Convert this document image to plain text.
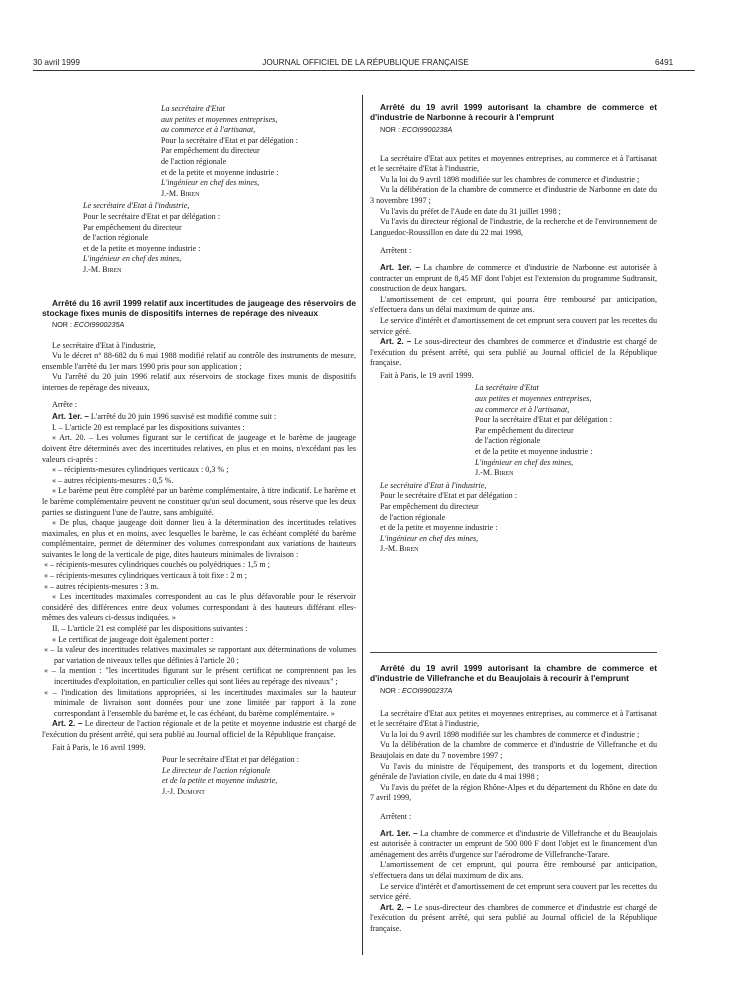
30 avril 1999	JOURNAL OFFICIEL DE LA RÉPUBLIQUE FRANÇAISE	6491

La secrétaire d'Etat

aux petites et moyennes entreprises,

au commerce et à l'artisanat,

Pour la secrétaire d'Etat et par délégation :

Par empêchement du directeur

de l'action régionale

et de la petite et moyenne industrie :

L'ingénieur en chef des mines,

J.-M. Biren

Le secrétaire d'Etat à l'industrie,

Pour le secrétaire d'Etat et par délégation :

Par empêchement du directeur

de l'action régionale

et de la petite et moyenne industrie :

L'ingénieur en chef des mines,

J.-M. Biren

Arrêté du 16 avril 1999 relatif aux incertitudes de jaugeage des réservoirs de stockage fixes munis de dispositifs internes de repérage des niveaux

NOR : ECOI9900235A

Le secrétaire d'Etat à l'industrie,

Vu le décret n° 88-682 du 6 mai 1988 modifié relatif au contrôle des instruments de mesure, ensemble l'arrêté du 1er mars 1990 pris pour son application ;

Vu l'arrêté du 20 juin 1996 relatif aux réservoirs de stockage fixes munis de dispositifs internes de repérage des niveaux,

Arrête :

Art. 1er. – L'arrêté du 20 juin 1996 susvisé est modifié comme suit :

I. – L'article 20 est remplacé par les dispositions suivantes :

« Art. 20. – Les volumes figurant sur le certificat de jaugeage et le barème de jaugeage doivent être déterminés avec des incertitudes relatives, en plus et en moins, n'excédant pas les valeurs ci-après :

« – récipients-mesures cylindriques verticaux : 0,3 % ;

« – autres récipients-mesures : 0,5 %.

« Le barème peut être complété par un barème complémentaire, à titre indicatif. Le barème et le barème complémentaire peuvent ne constituer qu'un seul document, sous réserve que les deux parties se distinguent l'une de l'autre, sans ambiguïté.

« De plus, chaque jaugeage doit donner lieu à la détermination des incertitudes relatives maximales, en plus et en moins, avec lesquelles le barème, le cas échéant complété du barème complémentaire, permet de déterminer des volumes correspondant aux variations de hauteurs suivantes le long de la verticale de pige, dites hauteurs minimales de livraison :

« – récipients-mesures cylindriques couchés ou polyédriques : 1,5 m ;

« – récipients-mesures cylindriques verticaux à toit fixe : 2 m ;

« – autres récipients-mesures : 3 m.

« Les incertitudes maximales correspondent au cas le plus défavorable pour le réservoir considéré des différences entre deux volumes correspondant à des hauteurs différant elles-mêmes des valeurs ci-dessus indiquées. »

II. – L'article 21 est complété par les dispositions suivantes :

« Le certificat de jaugeage doit également porter :

« – la valeur des incertitudes relatives maximales se rapportant aux déterminations de volumes par variation de niveaux telles que définies à l'article 20 ;

« – la mention : "les incertitudes figurant sur le présent certificat ne comprennent pas les incertitudes d'exploitation, en particulier celles qui sont liées au repérage des niveaux" ;

« – l'indication des limitations appropriées, si les incertitudes maximales sur la hauteur minimale de livraison sont données pour une zone limitée par rapport à la zone correspondant à l'ensemble du barème et, le cas échéant, du barème complémentaire. »

Art. 2. – Le directeur de l'action régionale et de la petite et moyenne industrie est chargé de l'exécution du présent arrêté, qui sera publié au Journal officiel de la République française.

Fait à Paris, le 16 avril 1999.

Pour le secrétaire d'Etat et par délégation :

Le directeur de l'action régionale

et de la petite et moyenne industrie,

J.-J. Dumont

Arrêté du 19 avril 1999 autorisant la chambre de commerce et d'industrie de Narbonne à recourir à l'emprunt

NOR : ECOI9900238A

La secrétaire d'Etat aux petites et moyennes entreprises, au commerce et à l'artisanat et le secrétaire d'Etat à l'industrie,

Vu la loi du 9 avril 1898 modifiée sur les chambres de commerce et d'industrie ;

Vu la délibération de la chambre de commerce et d'industrie de Narbonne en date du 3 novembre 1997 ;

Vu l'avis du préfet de l'Aude en date du 31 juillet 1998 ;

Vu l'avis du directeur régional de l'industrie, de la recherche et de l'environnement de Languedoc-Roussillon en date du 22 mai 1998,

Arrêtent :

Art. 1er. – La chambre de commerce et d'industrie de Narbonne est autorisée à contracter un emprunt de 8,45 MF dont l'objet est l'extension du programme Sudtransit, construction de deux hangars.

L'amortissement de cet emprunt, qui pourra être remboursé par anticipation, s'effectuera dans un délai maximum de quinze ans.

Le service d'intérêt et d'amortissement de cet emprunt sera couvert par les recettes du service géré.

Art. 2. – Le sous-directeur des chambres de commerce et d'industrie est chargé de l'exécution du présent arrêté, qui sera publié au Journal officiel de la République française.

Fait à Paris, le 19 avril 1999.

La secrétaire d'Etat

aux petites et moyennes entreprises,

au commerce et à l'artisanat,

Pour la secrétaire d'Etat et par délégation :

Par empêchement du directeur

de l'action régionale

et de la petite et moyenne industrie :

L'ingénieur en chef des mines,

J.-M. Biren

Le secrétaire d'Etat à l'industrie,

Pour le secrétaire d'Etat et par délégation :

Par empêchement du directeur

de l'action régionale

et de la petite et moyenne industrie :

L'ingénieur en chef des mines,

J.-M. Biren

Arrêté du 19 avril 1999 autorisant la chambre de commerce et d'industrie de Villefranche et du Beaujolais à recourir à l'emprunt

NOR : ECOI9900237A

La secrétaire d'Etat aux petites et moyennes entreprises, au commerce et à l'artisanat et le secrétaire d'Etat à l'industrie,

Vu la loi du 9 avril 1898 modifiée sur les chambres de commerce et d'industrie ;

Vu la délibération de la chambre de commerce et d'industrie de Villefranche et du Beaujolais en date du 7 novembre 1997 ;

Vu l'avis du ministre de l'équipement, des transports et du logement, direction générale de l'aviation civile, en date du 4 mai 1998 ;

Vu l'avis du préfet de la région Rhône-Alpes et du département du Rhône en date du 7 avril 1999,

Arrêtent :

Art. 1er. – La chambre de commerce et d'industrie de Villefranche et du Beaujolais est autorisée à contracter un emprunt de 500 000 F dont l'objet est le financement d'un aménagement des arrêts d'urgence sur l'aérodrome de Villefranche-Tarare.

L'amortissement de cet emprunt, qui pourra être remboursé par anticipation, s'effectuera dans un délai maximum de dix ans.

Le service d'intérêt et d'amortissement de cet emprunt sera couvert par les recettes du service géré.

Art. 2. – Le sous-directeur des chambres de commerce et d'industrie est chargé de l'exécution du présent arrêté, qui sera publié au Journal officiel de la République française.
